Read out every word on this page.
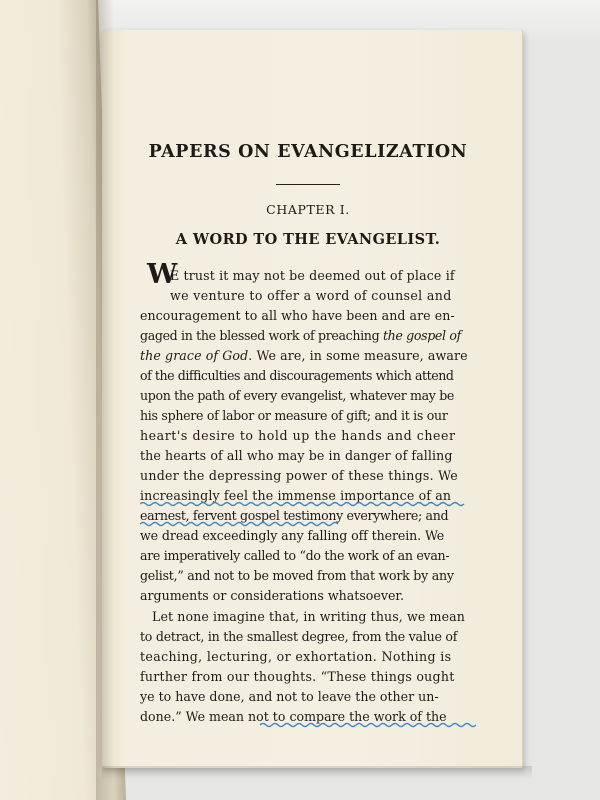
PAPERS ON EVANGELIZATION
CHAPTER I.
A WORD TO THE EVANGELIST.
W
E trust it may not be deemed out of place if
we venture to offer a word of counsel and
encouragement to all who have been and are en-
gaged in the blessed work of preaching the gospel of
the grace of God. We are, in some measure, aware
of the difficulties and discouragements which attend
upon the path of every evangelist, whatever may be
his sphere of labor or measure of gift; and it is our
heart's desire to hold up the hands and cheer
the hearts of all who may be in danger of falling
under the depressing power of these things. We
increasingly feel the immense importance of an
earnest, fervent gospel testimony everywhere; and
we dread exceedingly any falling off therein. We
are imperatively called to “do the work of an evan-
gelist,” and not to be moved from that work by any
arguments or considerations whatsoever.
Let none imagine that, in writing thus, we mean
to detract, in the smallest degree, from the value of
teaching, lecturing, or exhortation. Nothing is
further from our thoughts. “These things ought
ye to have done, and not to leave the other un-
done.” We mean not to compare the work of the
